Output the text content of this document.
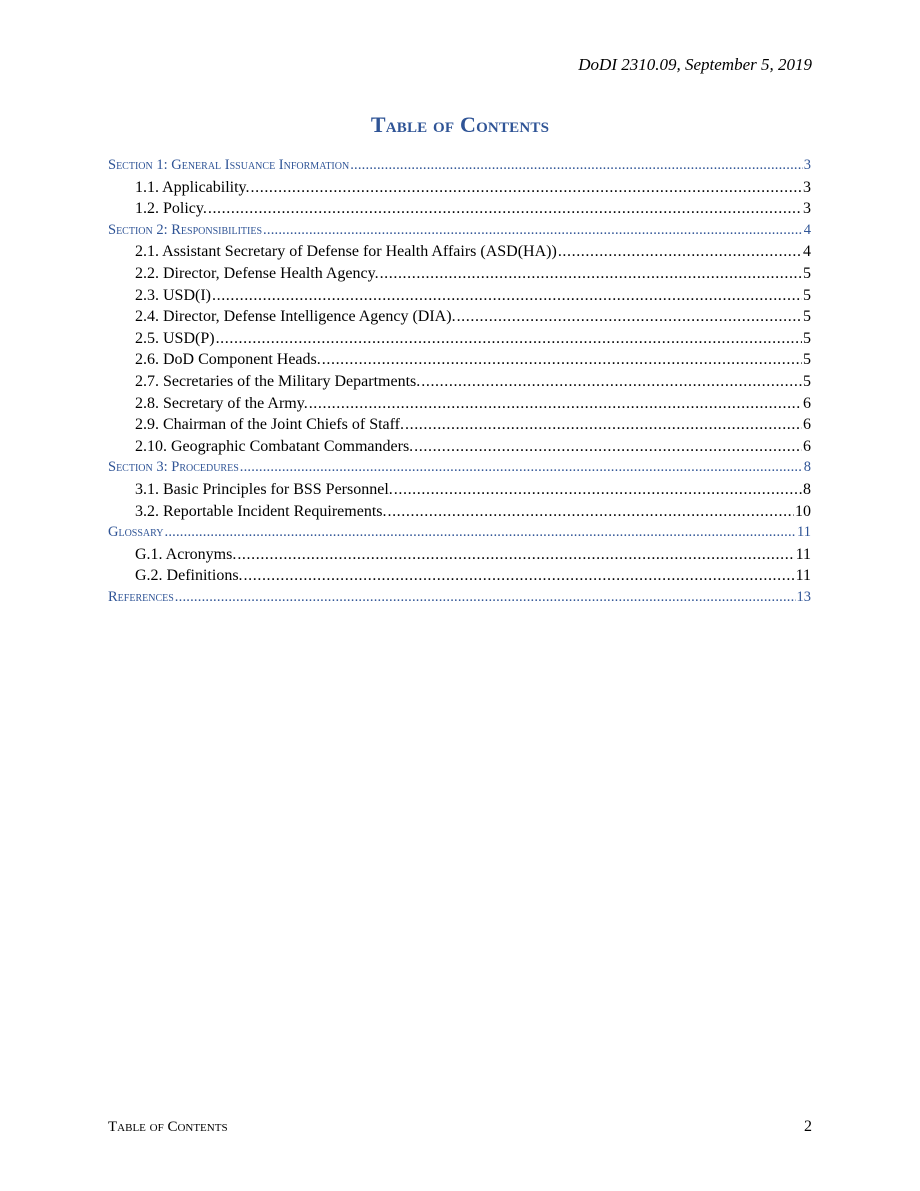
DoDI 2310.09, September 5, 2019
Table of Contents
Section 1: General Issuance Information .....	3
1.1. Applicability. .....	3
1.2. Policy. .....	3
Section 2: Responsibilities .....	4
2.1. Assistant Secretary of Defense for Health Affairs (ASD(HA)) .....	4
2.2. Director, Defense Health Agency. .....	5
2.3. USD(I) .....	5
2.4. Director, Defense Intelligence Agency (DIA). .....	5
2.5. USD(P) .....	5
2.6. DoD Component Heads. .....	5
2.7. Secretaries of the Military Departments. .....	5
2.8. Secretary of the Army. .....	6
2.9. Chairman of the Joint Chiefs of Staff. .....	6
2.10. Geographic Combatant Commanders. .....	6
Section 3: Procedures .....	8
3.1. Basic Principles for BSS Personnel. .....	8
3.2. Reportable Incident Requirements. .....	10
Glossary .....	11
G.1. Acronyms. .....	11
G.2. Definitions. .....	11
References .....	13
Table of Contents	2
